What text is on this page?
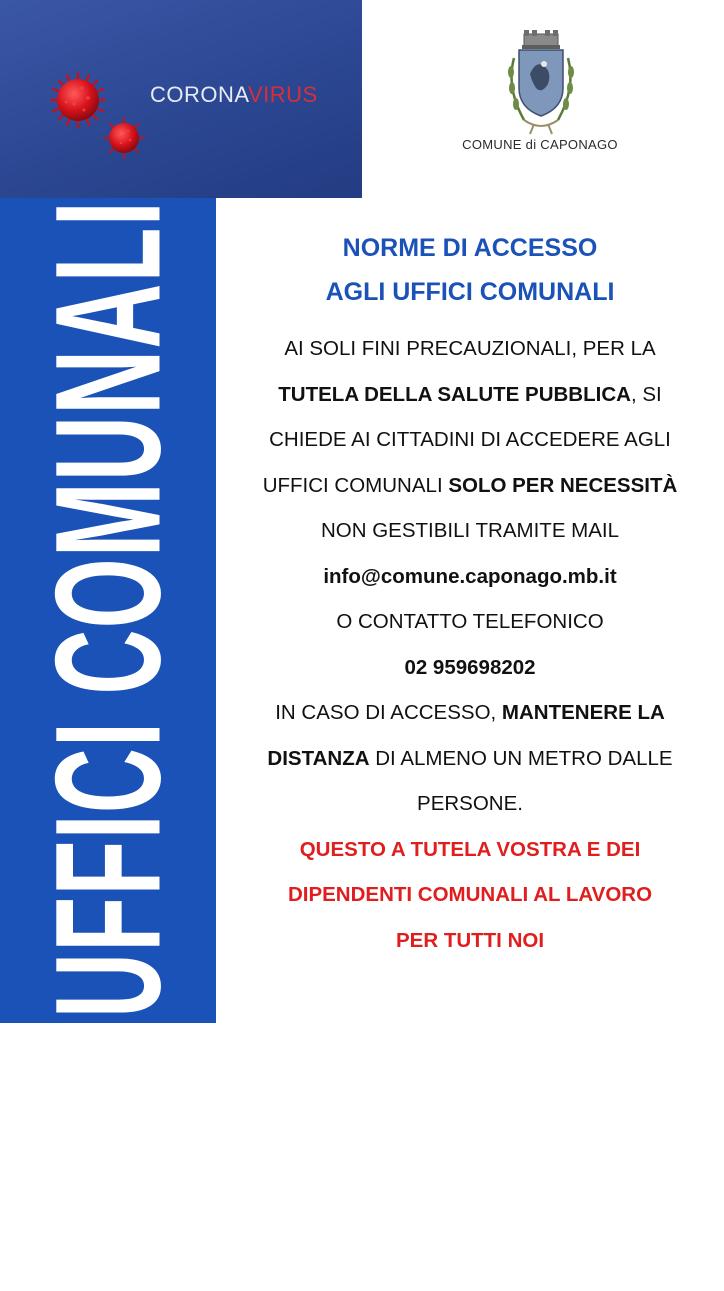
CORONAVIRUS
UFFICI COMUNALI
COMUNE di CAPONAGO
NORME DI ACCESSO
AGLI UFFICI COMUNALI
AI SOLI FINI PRECAUZIONALI, PER LA
TUTELA DELLA SALUTE PUBBLICA, SI
CHIEDE AI CITTADINI DI ACCEDERE AGLI
UFFICI COMUNALI SOLO PER NECESSITÀ
NON GESTIBILI TRAMITE MAIL
info@comune.caponago.mb.it
O CONTATTO TELEFONICO
02 959698202
IN CASO DI ACCESSO, MANTENERE LA
DISTANZA DI ALMENO UN METRO DALLE
PERSONE.
QUESTO A TUTELA VOSTRA E DEI
DIPENDENTI COMUNALI AL LAVORO
PER TUTTI NOI
